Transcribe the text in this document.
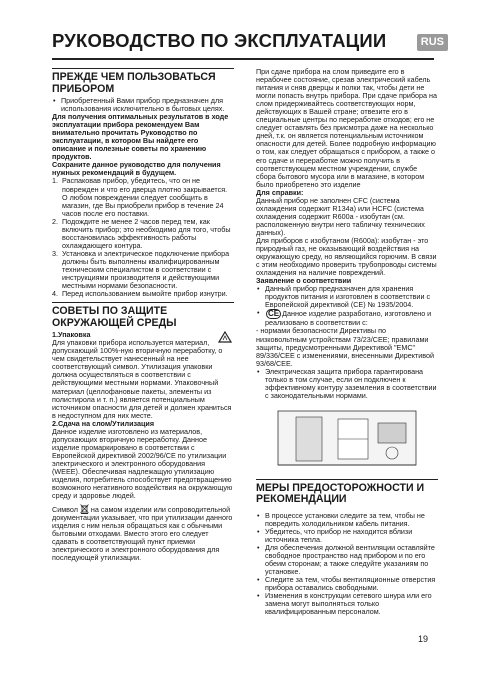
РУКОВОДСТВО ПО ЭКСПЛУАТАЦИИ	RUS
ПРЕЖДЕ ЧЕМ ПОЛЬЗОВАТЬСЯ ПРИБОРОМ
• Приобретенный Вами прибор предназначен для использования исключительно в бытовых целях.

Для получения оптимальных результатов в ходе эксплуатации прибора рекомендуем Вам внимательно прочитать Руководство по эксплуатации, в котором Вы найдете его описание и полезные советы по хранению продуктов.

Сохраните данное руководство для получения нужных рекомендаций в будущем.

1. Распаковав прибор, убедитесь, что он не поврежден и что его дверца плотно закрывается. О любом повреждении следует сообщить в магазин, где Вы приобрели прибор в течение 24 часов после его поставки.
2. Подождите не менее 2 часов перед тем, как включить прибор; это необходимо для того, чтобы восстановилась эффективность работы охлаждающего контура.
3. Установка и электрическое подключение прибора должны быть выполнены квалифицированным техническим специалистом в соответствии с инструкциями производителя и действующими местными нормами безопасности.
4. Перед использованием вымойте прибор изнутри.
СОВЕТЫ ПО ЗАЩИТЕ ОКРУЖАЮЩЕЙ СРЕДЫ

1.Упаковка

Для упаковки прибора используется материал, допускающий 100%-ную вторичную переработку, о чем свидетельствует нанесенный на нее соответствующий символ. Утилизация упаковки должна осуществляться в соответствии с действующими местными нормами. Упаковочный материал (целлофановые пакеты, элементы из полистирола и т. п.) является потенциальным источником опасности для детей и должен храниться в недоступном для них месте.

2.Сдача на слом/Утилизация

Данное изделие изготовлено из материалов, допускающих вторичную переработку. Данное изделие промаркировано в соответствии с Европейской директивой 2002/96/CE по утилизации электрического и электронного оборудования (WEEE). Обеспечивая надлежащую утилизацию изделия, потребитель способствует предотвращению возможного негативного воздействия на окружающую среду и здоровье людей.

Символ на самом изделии или сопроводительной документации указывает, что при утилизации данного изделия с ним нельзя обращаться как с обычными бытовыми отходами. Вместо этого его следует сдавать в соответствующий пункт приемки электрического и электронного оборудования для последующей утилизации.

При сдаче прибора на слом приведите его в нерабочее состояние, срезав электрический кабель питания и сняв дверцы и полки так, чтобы дети не могли попасть внутрь прибора. При сдаче прибора на слом придерживайтесь соответствующих норм, действующих в Вашей стране; отвезите его в специальные центры по переработке отходов; его не следует оставлять без присмотра даже на несколько дней, т.к. он является потенциальным источником опасности для детей. Более подробную информацию о том, как следует обращаться с прибором, а также о его сдаче и переработке можно получить в соответствующем местном учреждении, службе сбора бытового мусора или в магазине, в котором было приобретено это изделие

Для справки:

Данный прибор не заполнен CFC (система охлаждения содержит R134a) или HCFC (система охлаждения содержит R600a - изобутан (см. расположенную внутри него табличку технических данных).

Для приборов с изобутаном (R600a): изобутан - это природный газ, не оказывающий воздействия на окружающую среду, но являющийся горючим. В связи с этим необходимо проверить трубопроводы системы охлаждения на наличие повреждений.

Заявление о соответствии

• Данный прибор предназначен для хранения продуктов питания и изготовлен в соответствии с Европейской директивой (CE) № 1935/2004.
• CE Данное изделие разработано, изготовлено и реализовано в соответствии с:

- нормами безопасности Директивы по низковольтным устройствам 73/23/CEE; правилами защиты, предусмотренными Директивой "EMC" 89/336/CEE с изменениями, внесенными Директивой 93/68/CEE.

• Электрическая защита прибора гарантирована только в том случае, если он подключен к эффективному контуру заземления в соответствии с законодательными нормами.
МЕРЫ ПРЕДОСТОРОЖНОСТИ И РЕКОМЕНДАЦИИ
• В процессе установки следите за тем, чтобы не повредить холодильником кабель питания.
• Убедитесь, что прибор не находится вблизи источника тепла.
• Для обеспечения должной вентиляции оставляйте свободное пространство над прибором и по его обеим сторонам; а также следуйте указаниям по установке.
• Следите за тем, чтобы вентиляционные отверстия прибора оставались свободными.
• Изменения в конструкции сетевого шнура или его замена могут выполняться только квалифицированным персоналом.
19
